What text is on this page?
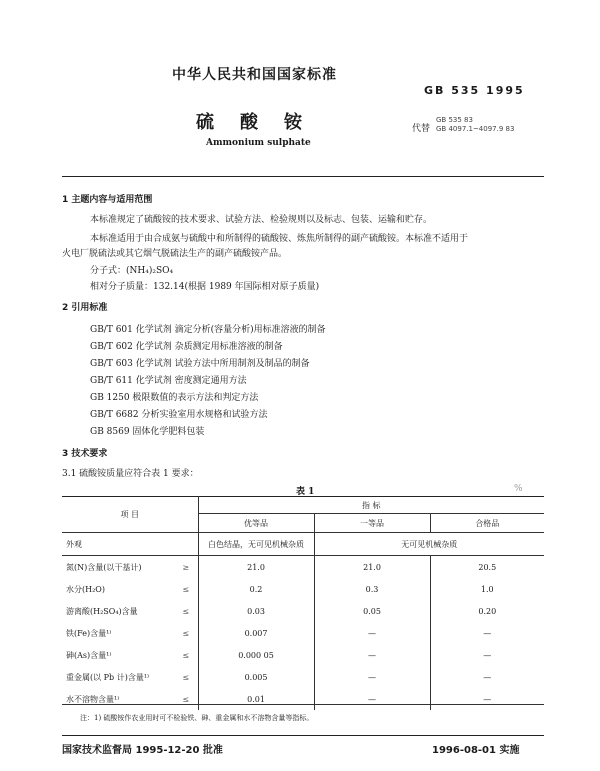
中华人民共和国国家标准
GB 535 1995
硫酸铵	代替
GB 535 83
GB 4097.1~4097.9 83
Ammonium sulphate
1 主题内容与适用范围
本标准规定了硫酸铵的技术要求、试验方法、检验规则以及标志、包装、运输和贮存。
本标准适用于由合成氨与硫酸中和所制得的硫酸铵、炼焦所制得的副产硫酸铵。本标准不适用于
火电厂脱硫法或其它烟气脱硫法生产的副产硫酸铵产品。
分子式：(NH₄)₂SO₄
相对分子质量：132.14(根据 1989 年国际相对原子质量)
2 引用标准
GB/T 601 化学试剂 滴定分析(容量分析)用标准溶液的制备
GB/T 602 化学试剂 杂质测定用标准溶液的制备
GB/T 603 化学试剂 试验方法中所用制剂及制品的制备
GB/T 611 化学试剂 密度测定通用方法
GB 1250 极限数值的表示方法和判定方法
GB/T 6682 分析实验室用水规格和试验方法
GB 8569 固体化学肥料包装
3 技术要求
3.1 硫酸铵质量应符合表 1 要求：
表 1	%
项 目		指 标		
		优等品	一等品	合格品
外观		白色结晶，无可见机械杂质	无可见机械杂质	
氮(N)含量(以干基计)	≥	21.0	21.0	20.5
水分(H₂O)	≤	0.2	0.3	1.0
游离酸(H₂SO₄)含量	≤	0.03	0.05	0.20
铁(Fe)含量¹⁾	≤	0.007	—	—
砷(As)含量¹⁾	≤	0.000 05	—	—
重金属(以 Pb 计)含量¹⁾	≤	0.005	—	—
水不溶物含量¹⁾	≤	0.01	—	—
注：1) 硫酸铵作农业用时可不检验铁、砷、重金属和水不溶物含量等指标。
国家技术监督局 1995-12-20 批准	1996-08-01 实施
